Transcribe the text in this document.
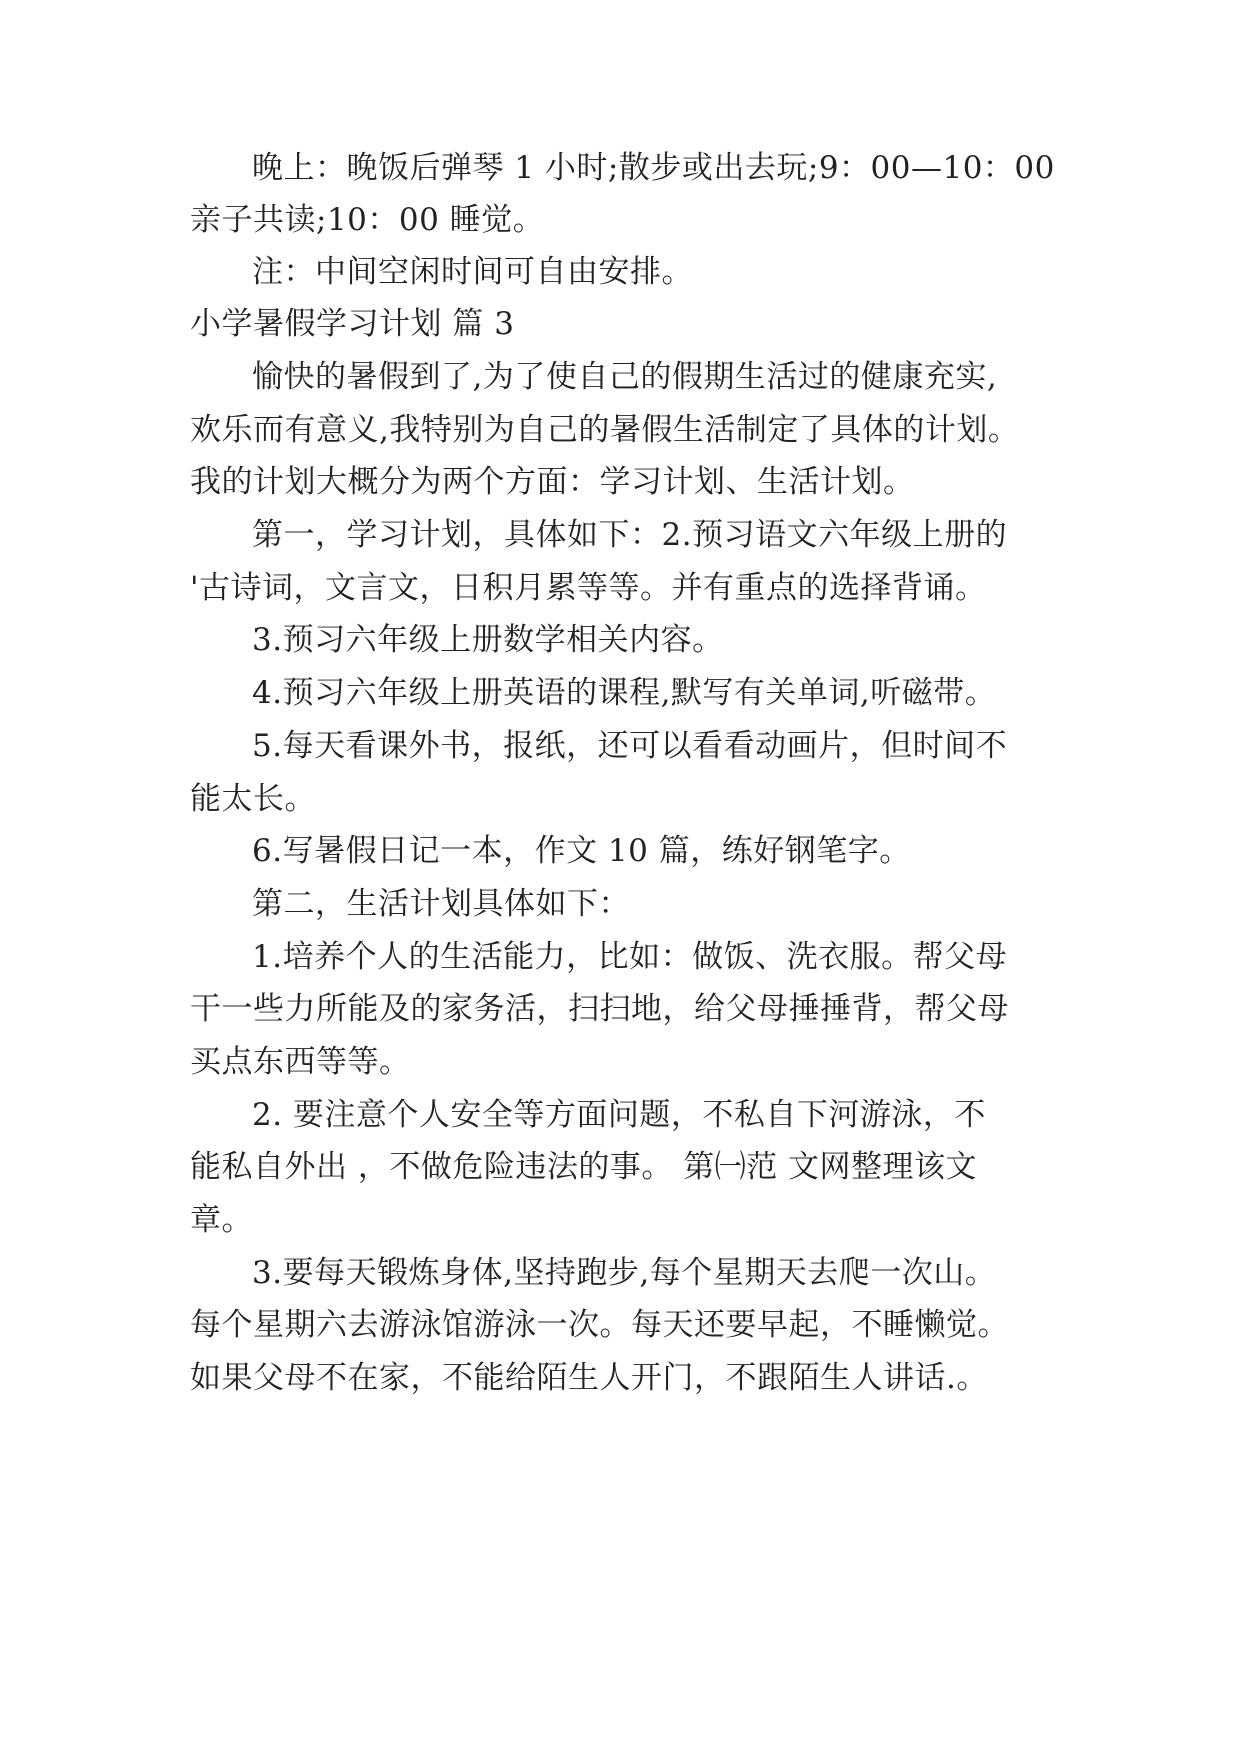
晚上：晚饭后弹琴 1 小时;散步或出去玩;9：00—10：00
亲子共读;10：00 睡觉。
注：中间空闲时间可自由安排。
小学暑假学习计划 篇 3
愉快的暑假到了,为了使自己的假期生活过的健康充实,
欢乐而有意义,我特别为自己的暑假生活制定了具体的计划。
我的计划大概分为两个方面：学习计划、生活计划。
第一，学习计划，具体如下：2.预习语文六年级上册的
'古诗词，文言文，日积月累等等。并有重点的选择背诵。
3.预习六年级上册数学相关内容。
4.预习六年级上册英语的课程,默写有关单词,听磁带。
5.每天看课外书，报纸，还可以看看动画片，但时间不
能太长。
6.写暑假日记一本，作文 10 篇，练好钢笔字。
第二，生活计划具体如下：
1.培养个人的生活能力，比如：做饭、洗衣服。帮父母
干一些力所能及的家务活，扫扫地，给父母捶捶背，帮父母
买点东西等等。
2. 要注意个人安全等方面问题，不私自下河游泳，不
能私自外出 ，不做危险违法的事。 第㈠范 文网整理该文
章。
3.要每天锻炼身体,坚持跑步,每个星期天去爬一次山。
每个星期六去游泳馆游泳一次。每天还要早起，不睡懒觉。
如果父母不在家，不能给陌生人开门，不跟陌生人讲话.。
